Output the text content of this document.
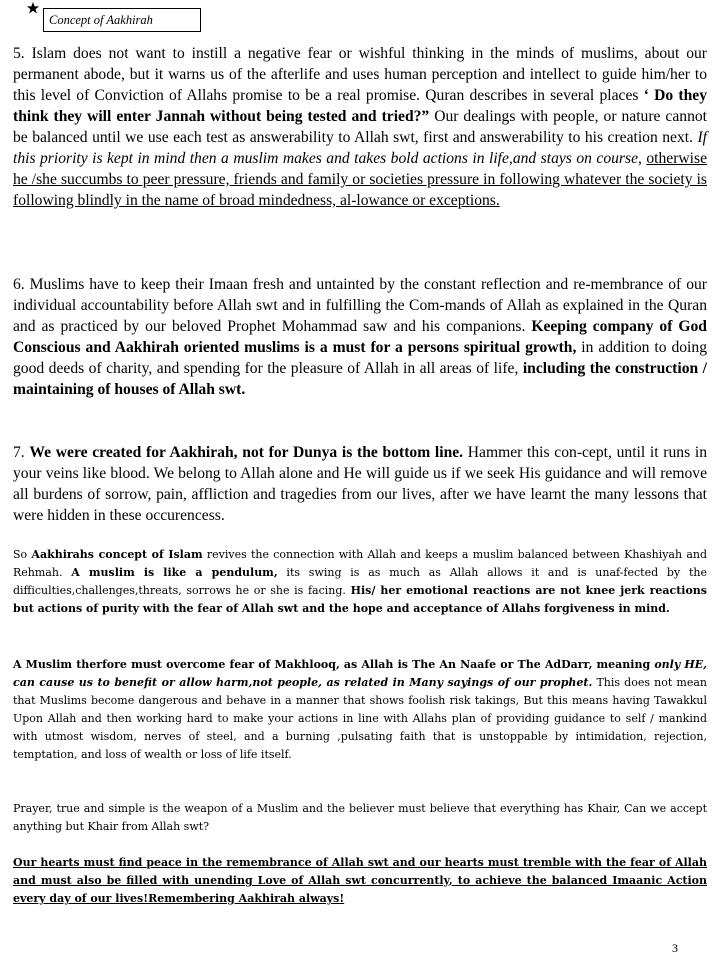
Concept of Aakhirah

5. Islam does not want to instill a negative fear or wishful thinking in the minds of muslims, about our permanent abode, but it warns us of the afterlife and uses human perception and intellect to guide him/her to this level of Conviction of Allahs promise to be a real promise. Quran describes in several places ‘ Do they think they will enter Jannah without being tested and tried?” Our dealings with people, or nature cannot be balanced until we use each test as answerability to Allah swt, first and answerability to his creation next. If this priority is kept in mind then a muslim makes and takes bold actions in life,and stays on course, otherwise he /she succumbs to peer pressure, friends and family or societies pressure in following whatever the society is following blindly in the name of broad mindedness, al-lowance or exceptions.

6. Muslims have to keep their Imaan fresh and untainted by the constant reflection and re-membrance of our individual accountability before Allah swt and in fulfilling the Com-mands of Allah as explained in the Quran and as practiced by our beloved Prophet Mohammad saw and his companions. Keeping company of God Conscious and Aakhirah oriented muslims is a must for a persons spiritual growth, in addition to doing good deeds of charity, and spending for the pleasure of Allah in all areas of life, including the construction / maintaining of houses of Allah swt.

7. We were created for Aakhirah, not for Dunya is the bottom line. Hammer this con-cept, until it runs in your veins like blood. We belong to Allah alone and He will guide us if we seek His guidance and will remove all burdens of sorrow, pain, affliction and tragedies from our lives, after we have learnt the many lessons that were hidden in these occurencess.

So Aakhirahs concept of Islam revives the connection with Allah and keeps a muslim balanced between Khashiyah and Rehmah. A muslim is like a pendulum, its swing is as much as Allah allows it and is unaf-fected by the difficulties,challenges,threats, sorrows he or she is facing. His/ her emotional reactions are not knee jerk reactions but actions of purity with the fear of Allah swt and the hope and acceptance of Allahs forgiveness in mind.

A Muslim therfore must overcome fear of Makhlooq, as Allah is The An Naafe or The AdDarr, meaning only HE, can cause us to benefit or allow harm,not people, as related in Many sayings of our prophet. This does not mean that Muslims become dangerous and behave in a manner that shows foolish risk takings, But this means having Tawakkul Upon Allah and then working hard to make your actions in line with Allahs plan of providing guidance to self / mankind with utmost wisdom, nerves of steel, and a burning ,pulsating faith that is unstoppable by intimidation, rejection, temptation, and loss of wealth or loss of life itself.

Prayer, true and simple is the weapon of a Muslim and the believer must believe that everything has Khair, Can we accept anything but Khair from Allah swt?

Our hearts must find peace in the remembrance of Allah swt and our hearts must tremble with the fear of Allah and must also be filled with unending Love of Allah swt concurrently, to achieve the balanced Imaanic Action every day of our lives!Remembering Aakhirah always!

3
